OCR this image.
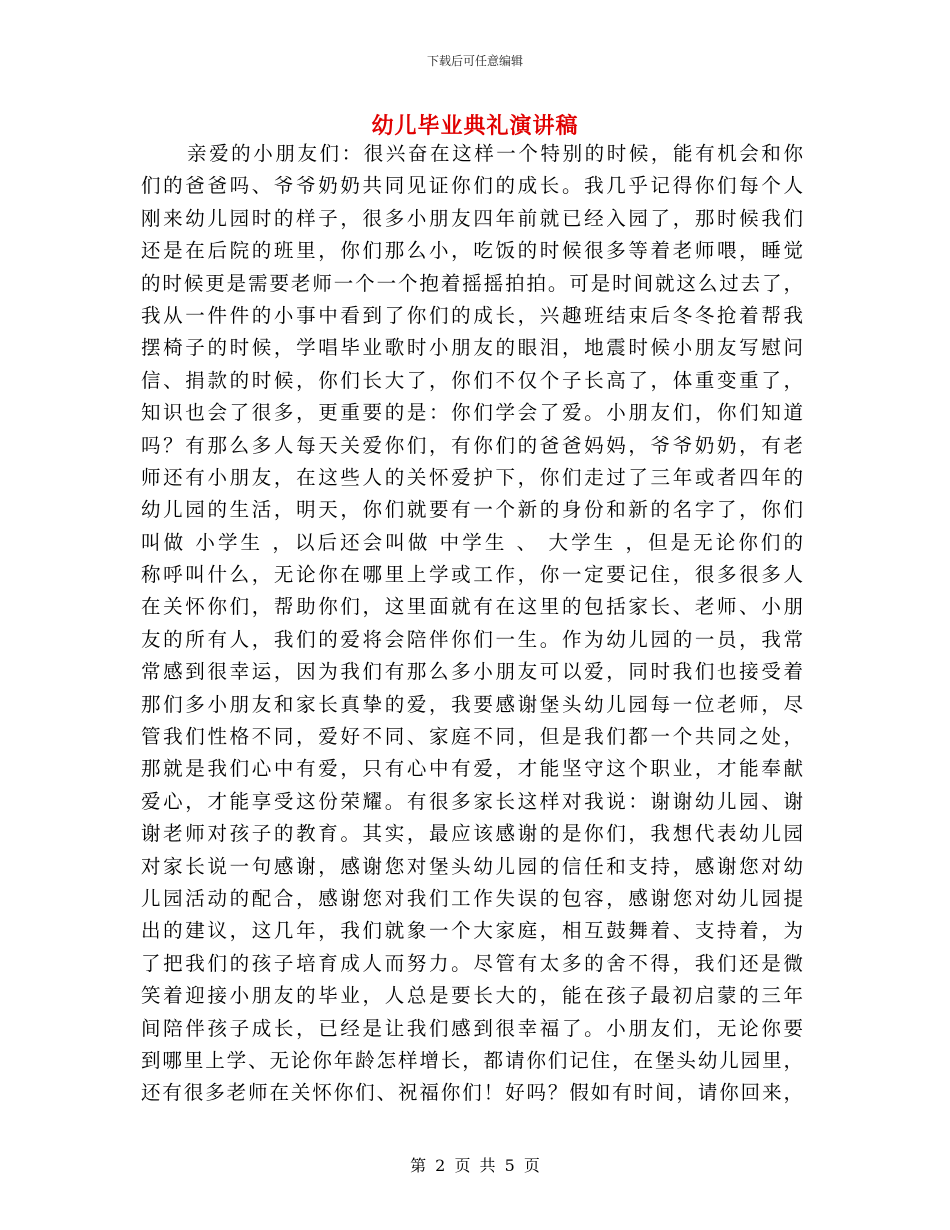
下载后可任意编辑
幼儿毕业典礼演讲稿
亲爱的小朋友们：很兴奋在这样一个特别的时候，能有机会和你
们的爸爸吗、爷爷奶奶共同见证你们的成长。我几乎记得你们每个人
刚来幼儿园时的样子，很多小朋友四年前就已经入园了，那时候我们
还是在后院的班里，你们那么小，吃饭的时候很多等着老师喂，睡觉
的时候更是需要老师一个一个抱着摇摇拍拍。可是时间就这么过去了，
我从一件件的小事中看到了你们的成长，兴趣班结束后冬冬抢着帮我
摆椅子的时候，学唱毕业歌时小朋友的眼泪，地震时候小朋友写慰问
信、捐款的时候，你们长大了，你们不仅个子长高了，体重变重了，
知识也会了很多，更重要的是：你们学会了爱。小朋友们，你们知道
吗？有那么多人每天关爱你们，有你们的爸爸妈妈，爷爷奶奶，有老
师还有小朋友，在这些人的关怀爱护下，你们走过了三年或者四年的
幼儿园的生活，明天，你们就要有一个新的身份和新的名字了，你们
叫做 小学生 ，以后还会叫做 中学生 、 大学生 ，但是无论你们的
称呼叫什么，无论你在哪里上学或工作，你一定要记住，很多很多人
在关怀你们，帮助你们，这里面就有在这里的包括家长、老师、小朋
友的所有人，我们的爱将会陪伴你们一生。作为幼儿园的一员，我常
常感到很幸运，因为我们有那么多小朋友可以爱，同时我们也接受着
那们多小朋友和家长真挚的爱，我要感谢堡头幼儿园每一位老师，尽
管我们性格不同，爱好不同、家庭不同，但是我们都一个共同之处，
那就是我们心中有爱，只有心中有爱，才能坚守这个职业，才能奉献
爱心，才能享受这份荣耀。有很多家长这样对我说：谢谢幼儿园、谢
谢老师对孩子的教育。其实，最应该感谢的是你们，我想代表幼儿园
对家长说一句感谢，感谢您对堡头幼儿园的信任和支持，感谢您对幼
儿园活动的配合，感谢您对我们工作失误的包容，感谢您对幼儿园提
出的建议，这几年，我们就象一个大家庭，相互鼓舞着、支持着，为
了把我们的孩子培育成人而努力。尽管有太多的舍不得，我们还是微
笑着迎接小朋友的毕业，人总是要长大的，能在孩子最初启蒙的三年
间陪伴孩子成长，已经是让我们感到很幸福了。小朋友们，无论你要
到哪里上学、无论你年龄怎样增长，都请你们记住，在堡头幼儿园里，
还有很多老师在关怀你们、祝福你们！好吗？假如有时间，请你回来，
第 2 页 共 5 页
